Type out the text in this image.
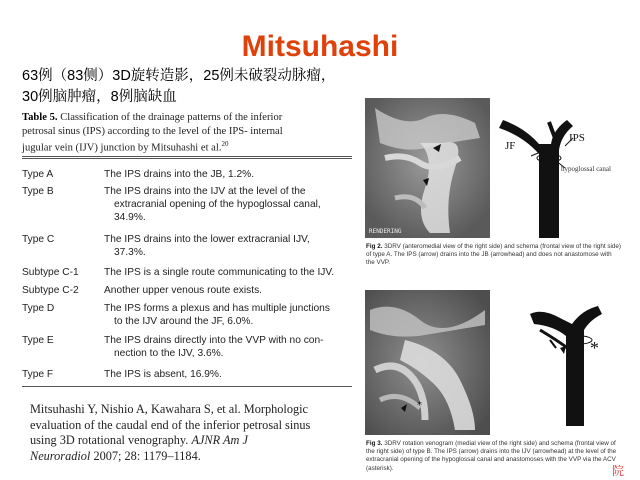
Mitsuhashi
63例（83侧）3D旋转造影，25例未破裂动脉瘤，
30例脑肿瘤，8例脑缺血
Table 5. Classification of the drainage patterns of the inferior
petrosal sinus (IPS) according to the level of the IPS- internal
jugular vein (IJV) junction by Mitsuhashi et al.$^{20}$
Type A	The IPS drains into the JB, 1.2%.
Type B	The IPS drains into the IJV at the level of the
extracranial opening of the hypoglossal canal,
34.9%.
Type C	The IPS drains into the lower extracranial IJV,
37.3%.
Subtype C-1	The IPS is a single route communicating to the IJV.
Subtype C-2	Another upper venous route exists.
Type D	The IPS forms a plexus and has multiple junctions
to the IJV around the JF, 6.0%.
Type E	The IPS drains directly into the VVP with no con-
nection to the IJV, 3.6%.
Type F	The IPS is absent, 16.9%.
Mitsuhashi Y, Nishio A, Kawahara S, et al. Morphologic
evaluation of the caudal end of the inferior petrosal sinus
using 3D rotational venography. AJNR Am J
Neuroradiol 2007; 28: 1179–1184.
RENDERING
JF
IPS
hypoglossal canal
Fig 2. 3DRV (anteromedial view of the right side) and schema (frontal view of the right side)
of type A. The IPS (arrow) drains into the JB (arrowhead) and does not anastomose with
the VVP.
*
*
Fig 3. 3DRV rotation venogram (medial view of the right side) and schema (frontal view of
the right side) of type B. The IPS (arrow) drains into the IJV (arrowhead) at the level of the
extracranial opening of the hypoglossal canal and anastomoses with the VVP via the ACV
(asterisk).	院
